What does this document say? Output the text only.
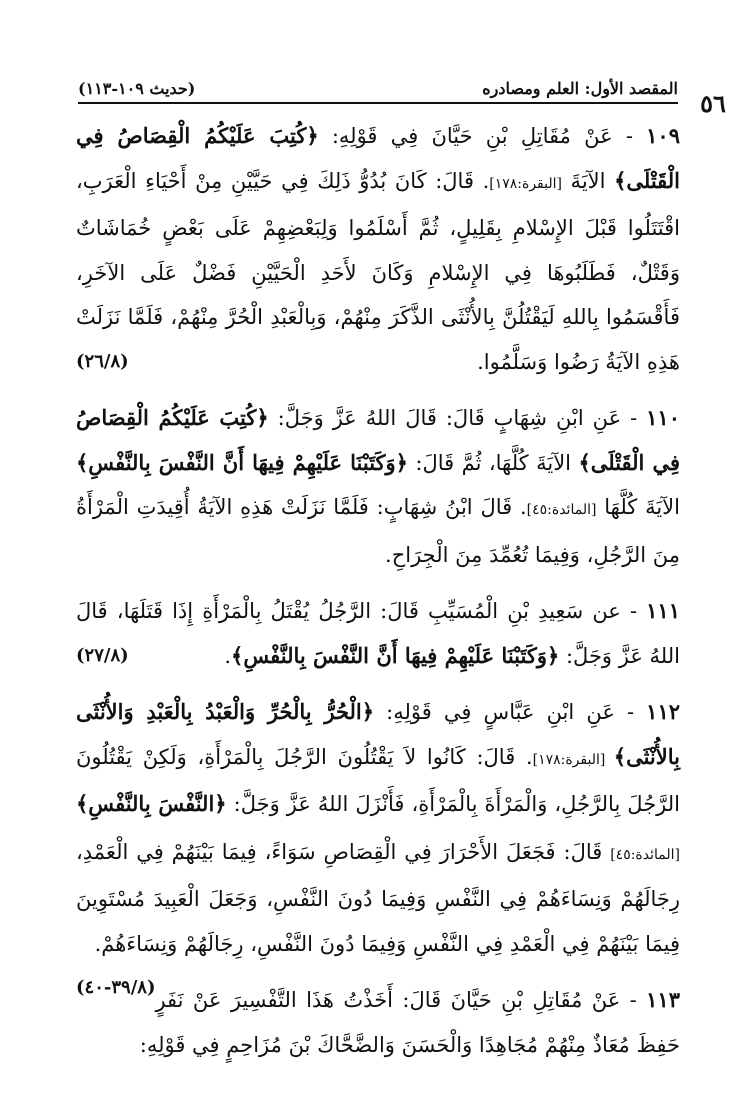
٥٦
المقصد الأول: العلم ومصادره
(حديث ١٠٩-١١٣)

١٠٩ - عَنْ مُقَاتِلِ بْنِ حَيَّانَ فِي قَوْلِهِ: ﴿كُتِبَ عَلَيْكُمُ الْقِصَاصُ فِي الْقَتْلَى﴾ الآيَةَ [البقرة:١٧٨]. قَالَ: كَانَ بُدُوُّ ذَلِكَ فِي حَيَّيْنِ مِنْ أَحْيَاءِ الْعَرَبِ، اقْتَتَلُوا قَبْلَ الإِسْلامِ بِقَلِيلٍ، ثُمَّ أَسْلَمُوا وَلِبَعْضِهِمْ عَلَى بَعْضٍ خُمَاشَاتٌ وَقَتْلٌ، فَطَلَبُوهَا فِي الإِسْلامِ وَكَانَ لأَحَدِ الْحَيَّيْنِ فَضْلٌ عَلَى الآخَرِ، فَأَقْسَمُوا بِاللهِ لَيَقْتُلُنَّ بِالأُنْثَى الذَّكَرَ مِنْهُمْ، وَبِالْعَبْدِ الْحُرَّ مِنْهُمْ، فَلَمَّا نَزَلَتْ هَذِهِ الآيَةُ رَضُوا وَسَلَّمُوا.
(٢٦/٨)

١١٠ - عَنِ ابْنِ شِهَابٍ قَالَ: قَالَ اللهُ عَزَّ وَجَلَّ: ﴿كُتِبَ عَلَيْكُمُ الْقِصَاصُ فِي الْقَتْلَى﴾ الآيَةَ كُلَّهَا، ثُمَّ قَالَ: ﴿وَكَتَبْنَا عَلَيْهِمْ فِيهَا أَنَّ النَّفْسَ بِالنَّفْسِ﴾ الآيَةَ كُلَّهَا [المائدة:٤٥]. قَالَ ابْنُ شِهَابٍ: فَلَمَّا نَزَلَتْ هَذِهِ الآيَةُ أُقِيدَتِ الْمَرْأَةُ مِنَ الرَّجُلِ، وَفِيمَا تُعُمِّدَ مِنَ الْجِرَاحِ.

١١١ - عن سَعِيدِ بْنِ الْمُسَيِّبِ قَالَ: الرَّجُلُ يُقْتَلُ بِالْمَرْأَةِ إِذَا قَتَلَهَا، قَالَ اللهُ عَزَّ وَجَلَّ: ﴿وَكَتَبْنَا عَلَيْهِمْ فِيهَا أَنَّ النَّفْسَ بِالنَّفْسِ﴾.
(٢٧/٨)

١١٢ - عَنِ ابْنِ عَبَّاسٍ فِي قَوْلِهِ: ﴿الْحُرُّ بِالْحُرِّ وَالْعَبْدُ بِالْعَبْدِ وَالأُنْثَى بِالأُنْثَى﴾ [البقرة:١٧٨]. قَالَ: كَانُوا لاَ يَقْتُلُونَ الرَّجُلَ بِالْمَرْأَةِ، وَلَكِنْ يَقْتُلُونَ الرَّجُلَ بِالرَّجُلِ، وَالْمَرْأَةَ بِالْمَرْأَةِ، فَأَنْزَلَ اللهُ عَزَّ وَجَلَّ: ﴿النَّفْسَ بِالنَّفْسِ﴾ [المائدة:٤٥] قَالَ: فَجَعَلَ الأَحْرَارَ فِي الْقِصَاصِ سَوَاءً، فِيمَا بَيْنَهُمْ فِي الْعَمْدِ، رِجَالَهُمْ وَنِسَاءَهُمْ فِي النَّفْسِ وَفِيمَا دُونَ النَّفْسِ، وَجَعَلَ الْعَبِيدَ مُسْتَوِينَ فِيمَا بَيْنَهُمْ فِي الْعَمْدِ فِي النَّفْسِ وَفِيمَا دُونَ النَّفْسِ، رِجَالَهُمْ وَنِسَاءَهُمْ.
(٣٩/٨-٤٠)	١١٣ - عَنْ مُقَاتِلِ بْنِ حَيَّانَ قَالَ: أَخَذْتُ هَذَا التَّفْسِيرَ عَنْ نَفَرٍ حَفِظَ مُعَاذٌ مِنْهُمْ مُجَاهِدًا وَالْحَسَنَ وَالضَّحَّاكَ بْنَ مُزَاحِمٍ فِي قَوْلِهِ:
